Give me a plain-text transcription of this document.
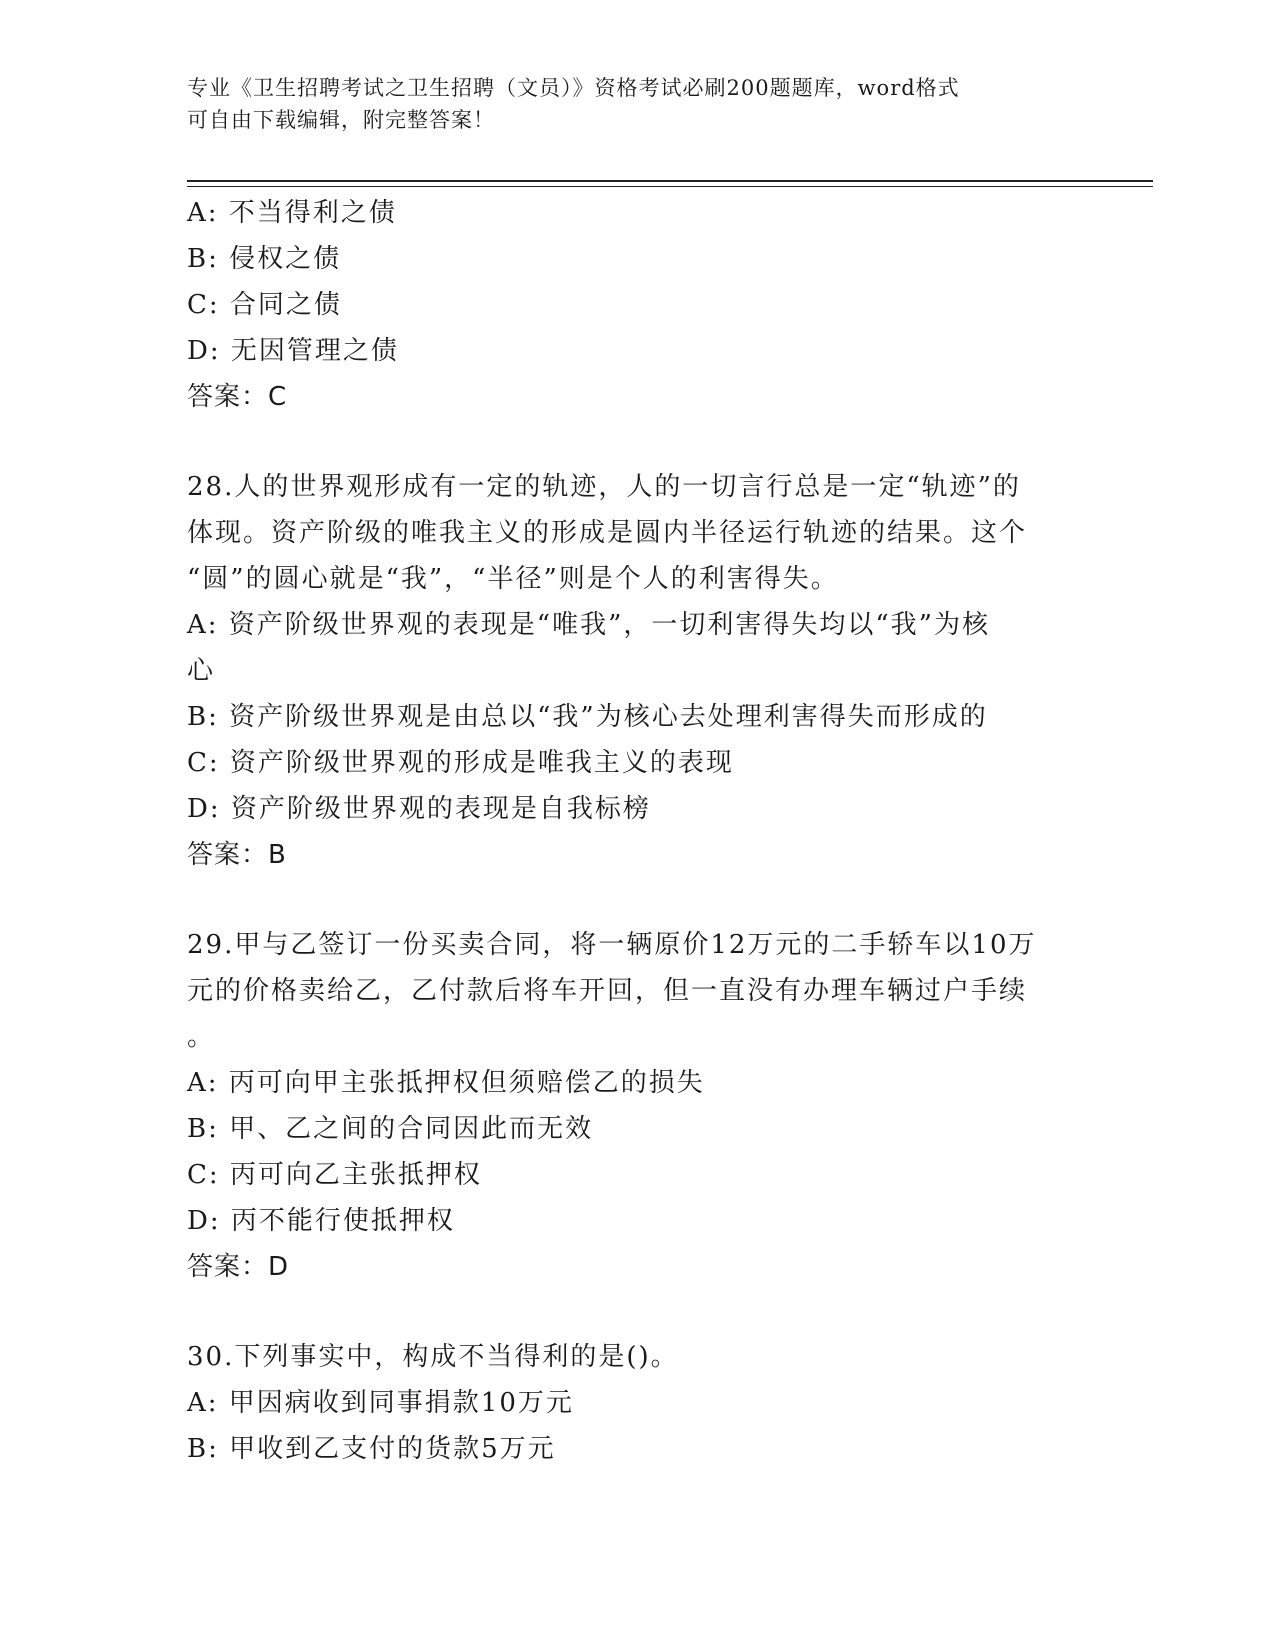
专业《卫生招聘考试之卫生招聘（文员）》资格考试必刷200题题库，word格式
可自由下载编辑，附完整答案！
A: 不当得利之债
B: 侵权之债
C: 合同之债
D: 无因管理之债
答案：C
28.人的世界观形成有一定的轨迹，人的一切言行总是一定“轨迹”的
体现。资产阶级的唯我主义的形成是圆内半径运行轨迹的结果。这个
“圆”的圆心就是“我”，“半径”则是个人的利害得失。
A: 资产阶级世界观的表现是“唯我”，一切利害得失均以“我”为核
心
B: 资产阶级世界观是由总以“我”为核心去处理利害得失而形成的
C: 资产阶级世界观的形成是唯我主义的表现
D: 资产阶级世界观的表现是自我标榜
答案：B
29.甲与乙签订一份买卖合同，将一辆原价12万元的二手轿车以10万
元的价格卖给乙，乙付款后将车开回，但一直没有办理车辆过户手续
。
A: 丙可向甲主张抵押权但须赔偿乙的损失
B: 甲、乙之间的合同因此而无效
C: 丙可向乙主张抵押权
D: 丙不能行使抵押权
答案：D
30.下列事实中，构成不当得利的是()。
A: 甲因病收到同事捐款10万元
B: 甲收到乙支付的货款5万元
